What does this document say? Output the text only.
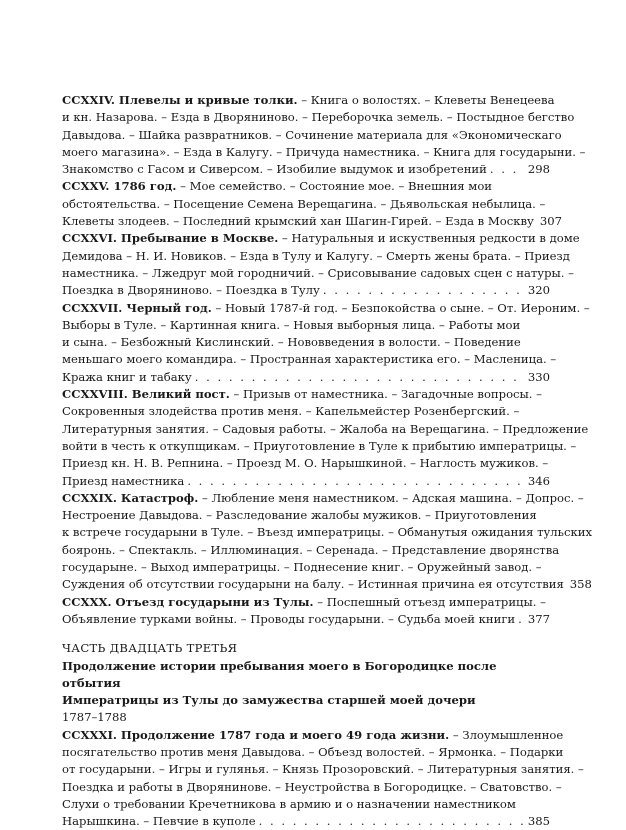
CCXXIV. Плевелы и кривые толки. – Книга о волостях. – Клеветы Венецеева
и кн. Назарова. – Езда в Дворяниново. – Переборочка земель. – Постыдное бегство
Давыдова. – Шайка развратников. – Сочинение материала для «Экономическаго
моего магазина». – Езда в Калугу. – Причуда наместника. – Книга для государыни. –
Знакомство с Гасом и Сиверсом. – Изобилие выдумок и изобретений . . .	298
CCXXV. 1786 год. – Мое семейство. – Состояние мое. – Внешния мои
обстоятельства. – Посещение Семена Верещагина. – Дьявольская небылица. –
Клеветы злодеев. – Последний крымский хан Шагин-Гирей. – Езда в Москву 307
CCXXVI. Пребывание в Москве. – Натуральныя и искуственныя редкости в доме
Демидова – Н. И. Новиков. – Езда в Тулу и Калугу. – Смерть жены брата. – Приезд
наместника. – Лжедруг мой городничий. – Срисовывание садовых сцен с натуры. –
Поездка в Дворяниново. – Поездка в Тулу . . .	320
CCXXVII. Черный год. – Новый 1787-й год. – Безпокойства о сыне. – От. Иероним. –
Выборы в Туле. – Картинная книга. – Новыя выборныя лица. – Работы мои
и сына. – Безбожный Кислинский. – Нововведения в волости. – Поведение
меньшаго моего командира. – Пространная характеристика его. – Масленица. –
Кража книг и табаку . . .	330
CCXXVIII. Великий пост. – Призыв от наместника. – Загадочные вопросы. –
Сокровенныя злодейства против меня. – Капельмейстер Розенбергский. –
Литературныя занятия. – Садовыя работы. – Жалоба на Верещагина. – Предложение
войти в честь к откупщикам. – Приуготовление в Туле к прибытию императрицы. –
Приезд кн. Н. В. Репнина. – Проезд М. О. Нарышкиной. – Наглость мужиков. –
Приезд наместника . . .	346
CCXXIX. Катастроф. – Любление меня наместником. – Адская машина. – Допрос. –
Нестроение Давыдова. – Разследование жалобы мужиков. – Приуготовления
к встрече государыни в Туле. – Въезд императрицы. – Обманутыя ожидания тульских
бояронь. – Спектакль. – Иллюминация. – Серенада. – Представление дворянства
государыне. – Выход императрицы. – Поднесение книг. – Оружейный завод. –
Суждения об отсутствии государыни на балу. – Истинная причина ея отсутствия 358
CCXXX. Отъезд государыни из Тулы. – Поспешный отъезд императрицы. –
Объявление турками войны. – Проводы государыни. – Судьба моей книги . . . 377
ЧАСТЬ ДВАДЦАТЬ ТРЕТЬЯ
Продолжение истории пребывания моего в Богородицке после отбытия
Императрицы из Тулы до замужества старшей моей дочери
1787–1788
CCXXXI. Продолжение 1787 года и моего 49 года жизни. – Злоумышленное
посягательство против меня Давыдова. – Объезд волостей. – Ярмонка. – Подарки
от государыни. – Игры и гулянья. – Князь Прозоровский. – Литературныя занятия. –
Поездка и работы в Дворянинове. – Неустройства в Богородицке. – Сватовство. –
Слухи о требовании Кречетникова в армию и о назначении наместником
Нарышкина. – Певчие в куполе . . .	385
